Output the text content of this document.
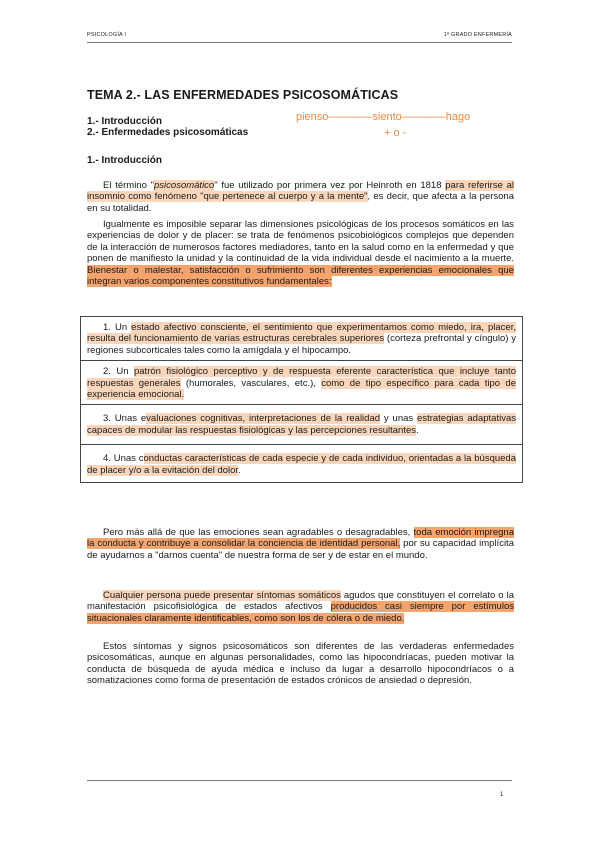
PSICOLOGÍA I	1º GRADO ENFERMERÍA
TEMA 2.- LAS ENFERMEDADES PSICOSOMÁTICAS
1.- Introducción
2.- Enfermedades psicosomáticas
pienso————siento————hago
+ o -
1.- Introducción

El término "psicosomático" fue utilizado por primera vez por Heinroth en 1818 para referirse al insomnio como fenómeno "que pertenece al cuerpo y a la mente", es decir, que afecta a la persona en su totalidad.

Igualmente es imposible separar las dimensiones psicológicas de los procesos somáticos en las experiencias de dolor y de placer: se trata de fenómenos psicobiológicos complejos que dependen de la interacción de numerosos factores mediadores, tanto en la salud como en la enfermedad y que ponen de manifiesto la unidad y la continuidad de la vida individual desde el nacimiento a la muerte. Bienestar o malestar, satisfacción o sufrimiento son diferentes experiencias emocionales que integran varios componentes constitutivos fundamentales:

1. Un estado afectivo consciente, el sentimiento que experimentamos como miedo, ira, placer, resulta del funcionamiento de varias estructuras cerebrales superiores (corteza prefrontal y cíngulo) y regiones subcorticales tales como la amígdala y el hipocampo.

2. Un patrón fisiológico perceptivo y de respuesta eferente característica que incluye tanto respuestas generales (humorales, vasculares, etc.), como de tipo específico para cada tipo de experiencia emocional.

3. Unas evaluaciones cognitivas, interpretaciones de la realidad y unas estrategias adaptativas capaces de modular las respuestas fisiológicas y las percepciones resultantes.

4. Unas conductas características de cada especie y de cada individuo, orientadas a la búsqueda de placer y/o a la evitación del dolor.

Pero más allá de que las emociones sean agradables o desagradables, toda emoción impregna la conducta y contribuye a consolidar la conciencia de identidad personal, por su capacidad implícita de ayudarnos a "darnos cuenta" de nuestra forma de ser y de estar en el mundo.

Cualquier persona puede presentar síntomas somáticos agudos que constituyen el correlato o la manifestación psicofisiológica de estados afectivos producidos casi siempre por estímulos situacionales claramente identificables, como son los de cólera o de miedo.

Estos síntomas y signos psicosomáticos son diferentes de las verdaderas enfermedades psicosomáticas, aunque en algunas personalidades, como las hipocondríacas, pueden motivar la conducta de búsqueda de ayuda médica e incluso da lugar a desarrollo hipocondríacos o a somatizaciones como forma de presentación de estados crónicos de ansiedad o depresión.

1
